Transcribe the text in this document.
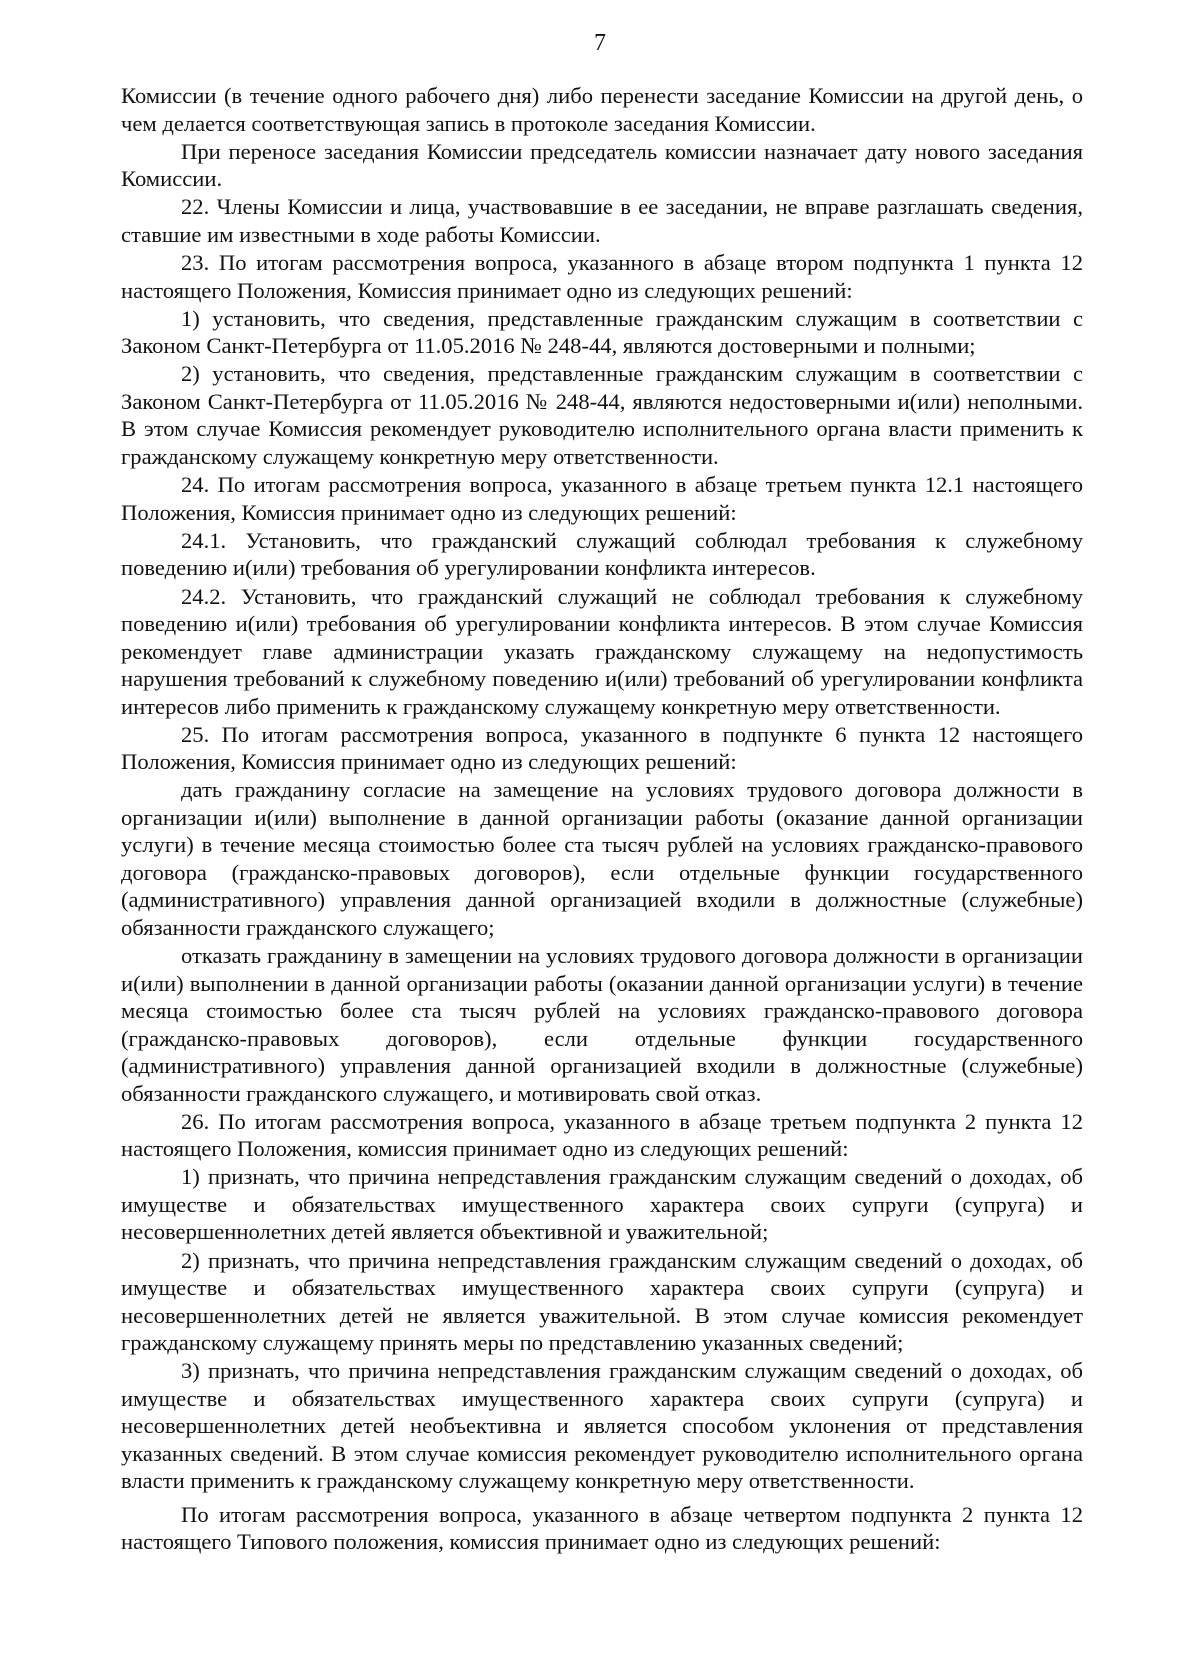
7

Комиссии (в течение одного рабочего дня) либо перенести заседание Комиссии на другой день, о чем делается соответствующая запись в протоколе заседания Комиссии.

При переносе заседания Комиссии председатель комиссии назначает дату нового заседания Комиссии.

22. Члены Комиссии и лица, участвовавшие в ее заседании, не вправе разглашать сведения, ставшие им известными в ходе работы Комиссии.

23. По итогам рассмотрения вопроса, указанного в абзаце втором подпункта 1 пункта 12 настоящего Положения, Комиссия принимает одно из следующих решений:

1) установить, что сведения, представленные гражданским служащим в соответствии с Законом Санкт-Петербурга от 11.05.2016 № 248-44, являются достоверными и полными;

2) установить, что сведения, представленные гражданским служащим в соответствии с Законом Санкт-Петербурга от 11.05.2016 № 248-44, являются недостоверными и(или) неполными. В этом случае Комиссия рекомендует руководителю исполнительного органа власти применить к гражданскому служащему конкретную меру ответственности.

24. По итогам рассмотрения вопроса, указанного в абзаце третьем пункта 12.1 настоящего Положения, Комиссия принимает одно из следующих решений:

24.1. Установить, что гражданский служащий соблюдал требования к служебному поведению и(или) требования об урегулировании конфликта интересов.

24.2. Установить, что гражданский служащий не соблюдал требования к служебному поведению и(или) требования об урегулировании конфликта интересов. В этом случае Комиссия рекомендует главе администрации указать гражданскому служащему на недопустимость нарушения требований к служебному поведению и(или) требований об урегулировании конфликта интересов либо применить к гражданскому служащему конкретную меру ответственности.

25. По итогам рассмотрения вопроса, указанного в подпункте 6 пункта 12 настоящего Положения, Комиссия принимает одно из следующих решений:

дать гражданину согласие на замещение на условиях трудового договора должности в организации и(или) выполнение в данной организации работы (оказание данной организации услуги) в течение месяца стоимостью более ста тысяч рублей на условиях гражданско-правового договора (гражданско-правовых договоров), если отдельные функции государственного (административного) управления данной организацией входили в должностные (служебные) обязанности гражданского служащего;

отказать гражданину в замещении на условиях трудового договора должности в организации и(или) выполнении в данной организации работы (оказании данной организации услуги) в течение месяца стоимостью более ста тысяч рублей на условиях гражданско-правового договора (гражданско-правовых договоров), если отдельные функции государственного (административного) управления данной организацией входили в должностные (служебные) обязанности гражданского служащего, и мотивировать свой отказ.

26. По итогам рассмотрения вопроса, указанного в абзаце третьем подпункта 2 пункта 12 настоящего Положения, комиссия принимает одно из следующих решений:

1) признать, что причина непредставления гражданским служащим сведений о доходах, об имуществе и обязательствах имущественного характера своих супруги (супруга) и несовершеннолетних детей является объективной и уважительной;

2) признать, что причина непредставления гражданским служащим сведений о доходах, об имуществе и обязательствах имущественного характера своих супруги (супруга) и несовершеннолетних детей не является уважительной. В этом случае комиссия рекомендует гражданскому служащему принять меры по представлению указанных сведений;

3) признать, что причина непредставления гражданским служащим сведений о доходах, об имуществе и обязательствах имущественного характера своих супруги (супруга) и несовершеннолетних детей необъективна и является способом уклонения от представления указанных сведений. В этом случае комиссия рекомендует руководителю исполнительного органа власти применить к гражданскому служащему конкретную меру ответственности.

По итогам рассмотрения вопроса, указанного в абзаце четвертом подпункта 2 пункта 12 настоящего Типового положения, комиссия принимает одно из следующих решений:
